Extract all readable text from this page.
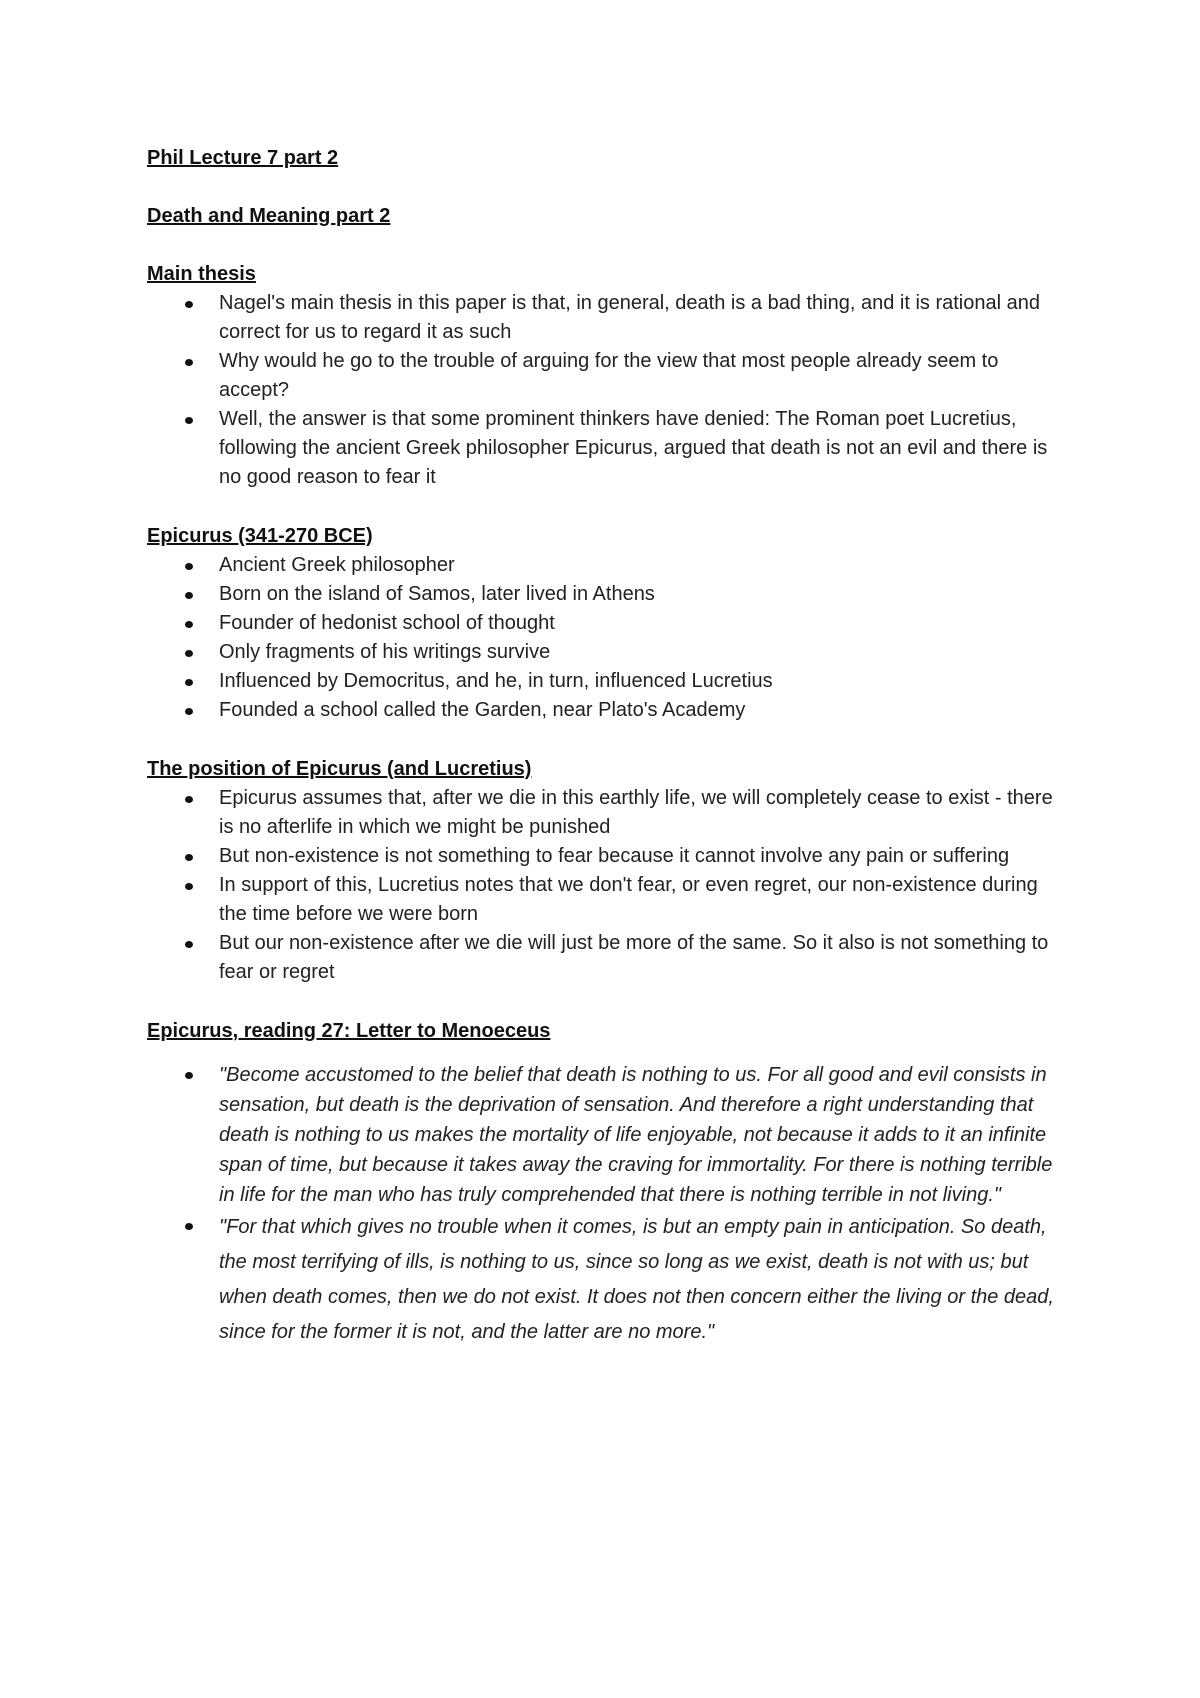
Phil Lecture 7 part 2
Death and Meaning part 2
Main thesis
Nagel's main thesis in this paper is that, in general, death is a bad thing, and it is rational and correct for us to regard it as such
Why would he go to the trouble of arguing for the view that most people already seem to accept?
Well, the answer is that some prominent thinkers have denied: The Roman poet Lucretius, following the ancient Greek philosopher Epicurus, argued that death is not an evil and there is no good reason to fear it
Epicurus (341-270 BCE)
Ancient Greek philosopher
Born on the island of Samos, later lived in Athens
Founder of hedonist school of thought
Only fragments of his writings survive
Influenced by Democritus, and he, in turn, influenced Lucretius
Founded a school called the Garden, near Plato's Academy
The position of Epicurus (and Lucretius)
Epicurus assumes that, after we die in this earthly life, we will completely cease to exist - there is no afterlife in which we might be punished
But non-existence is not something to fear because it cannot involve any pain or suffering
In support of this, Lucretius notes that we don't fear, or even regret, our non-existence during the time before we were born
But our non-existence after we die will just be more of the same. So it also is not something to fear or regret
Epicurus, reading 27: Letter to Menoeceus
"Become accustomed to the belief that death is nothing to us. For all good and evil consists in sensation, but death is the deprivation of sensation. And therefore a right understanding that death is nothing to us makes the mortality of life enjoyable, not because it adds to it an infinite span of time, but because it takes away the craving for immortality. For there is nothing terrible in life for the man who has truly comprehended that there is nothing terrible in not living."
"For that which gives no trouble when it comes, is but an empty pain in anticipation. So death, the most terrifying of ills, is nothing to us, since so long as we exist, death is not with us; but when death comes, then we do not exist. It does not then concern either the living or the dead, since for the former it is not, and the latter are no more."
